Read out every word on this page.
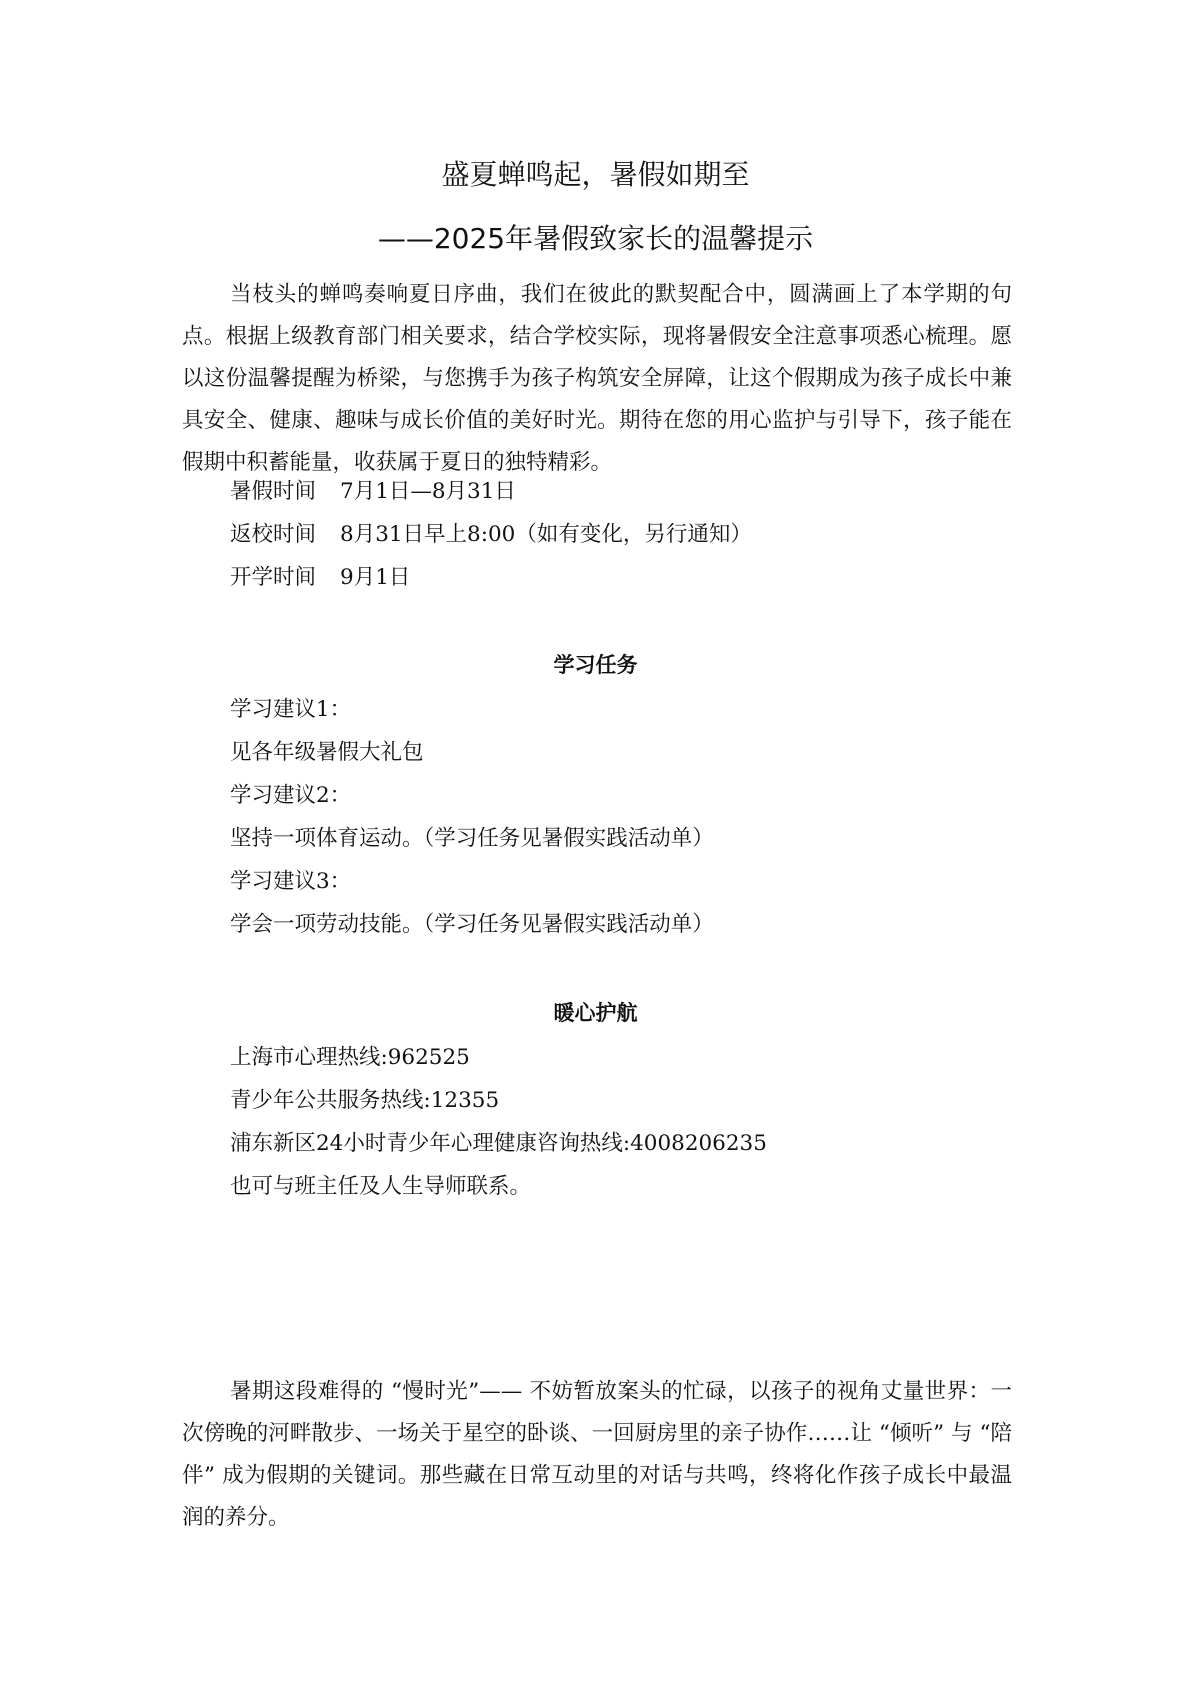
盛夏蝉鸣起，暑假如期至
——2025年暑假致家长的温馨提示

当枝头的蝉鸣奏响夏日序曲，我们在彼此的默契配合中，圆满画上了本学期的句点。根据上级教育部门相关要求，结合学校实际，现将暑假安全注意事项悉心梳理。愿以这份温馨提醒为桥梁，与您携手为孩子构筑安全屏障，让这个假期成为孩子成长中兼具安全、健康、趣味与成长价值的美好时光。期待在您的用心监护与引导下，孩子能在假期中积蓄能量，收获属于夏日的独特精彩。

暑假时间 7月1日—8月31日
返校时间 8月31日早上8:00（如有变化，另行通知）
开学时间 9月1日
学习任务
学习建议1：
见各年级暑假大礼包
学习建议2：
坚持一项体育运动。（学习任务见暑假实践活动单）
学习建议3：
学会一项劳动技能。（学习任务见暑假实践活动单）
暖心护航
上海市心理热线:962525
青少年公共服务热线:12355
浦东新区24小时青少年心理健康咨询热线:4008206235
也可与班主任及人生导师联系。

暑期这段难得的 “慢时光”—— 不妨暂放案头的忙碌，以孩子的视角丈量世界：一次傍晚的河畔散步、一场关于星空的卧谈、一回厨房里的亲子协作……让 “倾听” 与 “陪伴” 成为假期的关键词。那些藏在日常互动里的对话与共鸣，终将化作孩子成长中最温润的养分。
